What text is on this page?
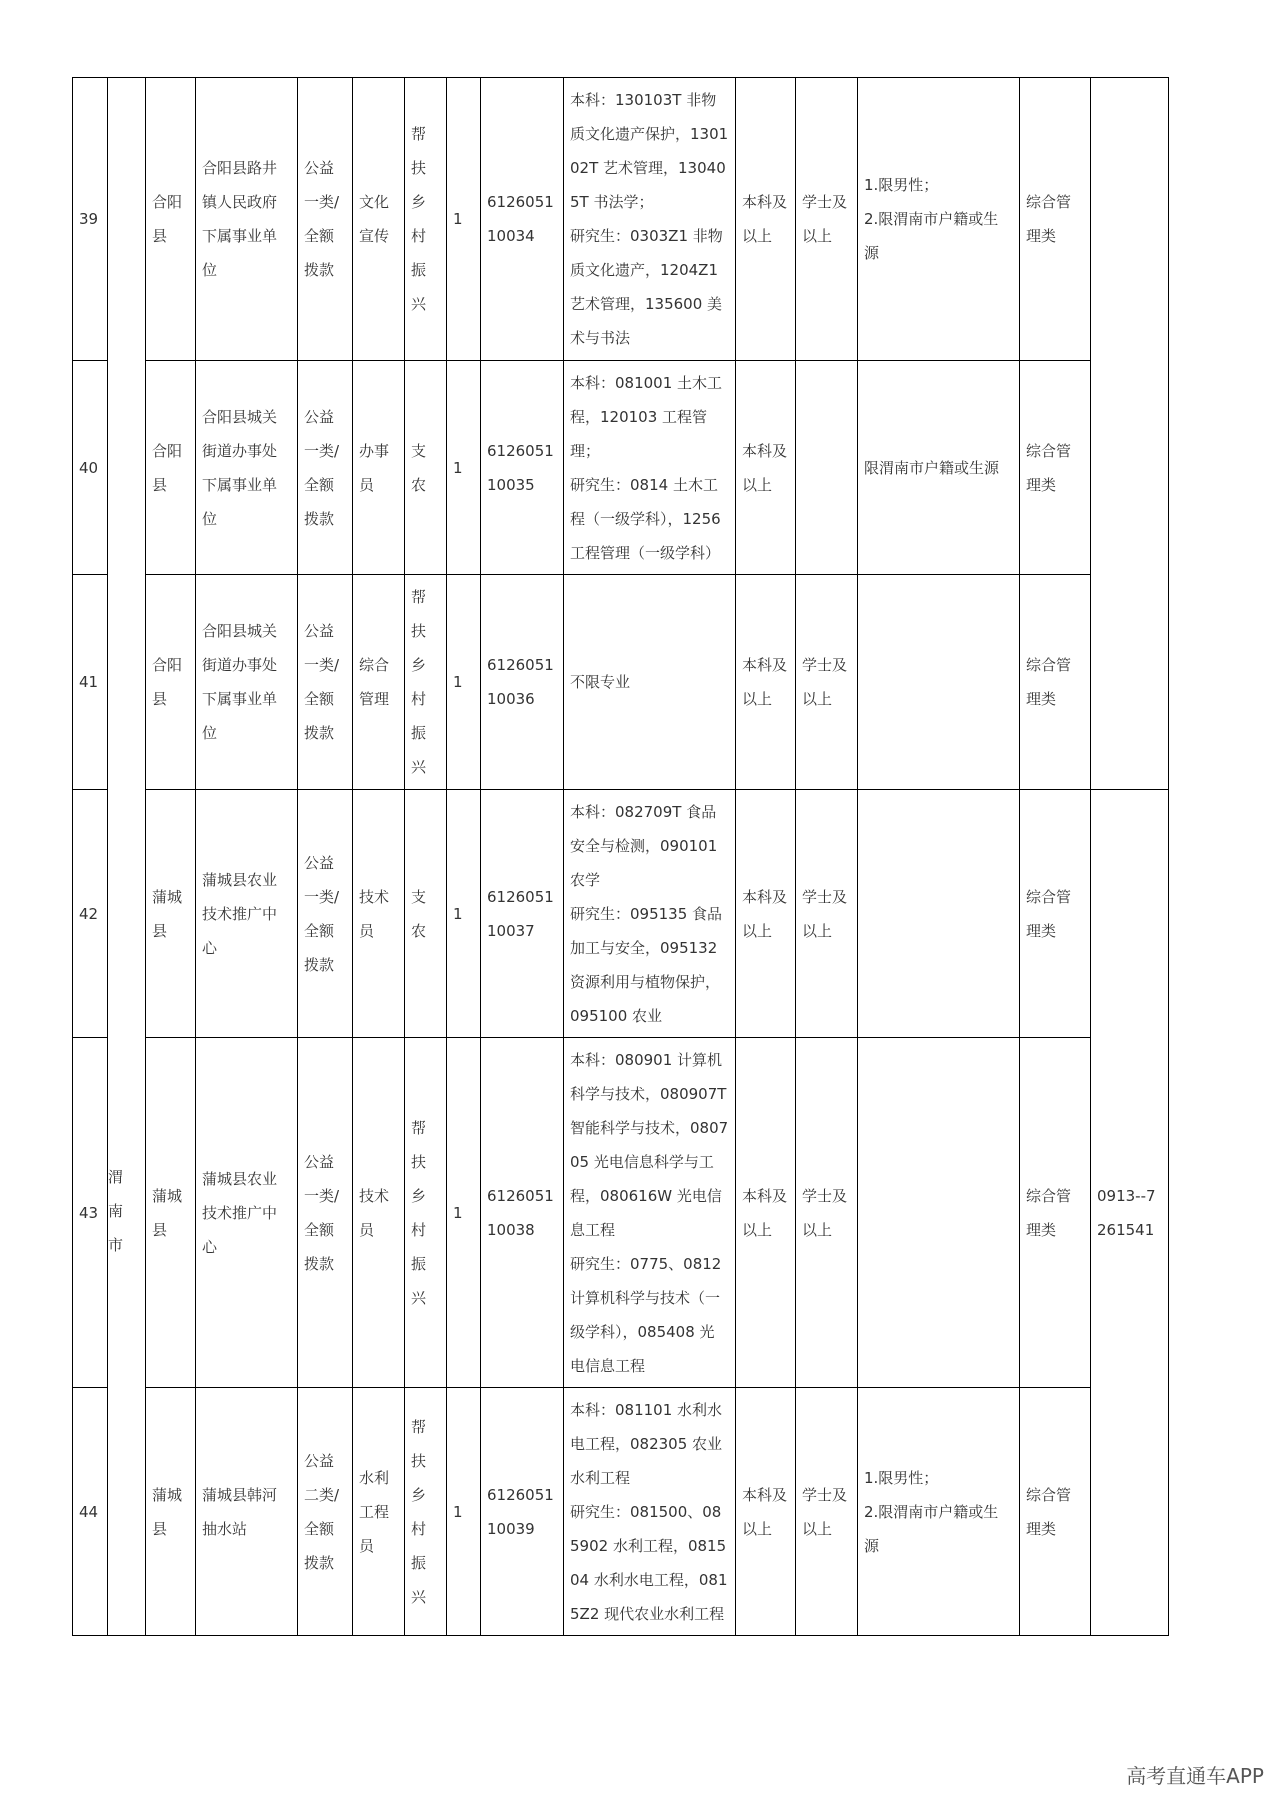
39		合阳县	合阳县路井镇人民政府下属事业单位	公益一类/全额拨款	文化宣传	帮扶乡村振兴	1	612605110034	本科：130103T 非物质文化遗产保护，130102T 艺术管理，130405T 书法学；
研究生：0303Z1 非物质文化遗产，1204Z1 艺术管理，135600 美术与书法	本科及以上	学士及以上	1.限男性；
2.限渭南市户籍或生源	综合管理类	
40		合阳县	合阳县城关街道办事处下属事业单位	公益一类/全额拨款	办事员	支农	1	612605110035	本科：081001 土木工程，120103 工程管理；
研究生：0814 土木工程（一级学科），1256 工程管理（一级学科）	本科及以上		限渭南市户籍或生源	综合管理类	
41		合阳县	合阳县城关街道办事处下属事业单位	公益一类/全额拨款	综合管理	帮扶乡村振兴	1	612605110036	不限专业	本科及以上	学士及以上		综合管理类	
42		蒲城县	蒲城县农业技术推广中心	公益一类/全额拨款	技术员	支农	1	612605110037	本科：082709T 食品安全与检测，090101 农学
研究生：095135 食品加工与安全，095132 资源利用与植物保护，095100 农业	本科及以上	学士及以上		综合管理类	0913--7261541
43		蒲城县	蒲城县农业技术推广中心	公益一类/全额拨款	技术员	帮扶乡村振兴	1	612605110038	本科：080901 计算机科学与技术，080907T 智能科学与技术，080705 光电信息科学与工程，080616W 光电信息工程
研究生：0775、0812 计算机科学与技术（一级学科），085408 光电信息工程	本科及以上	学士及以上		综合管理类	
44		蒲城县	蒲城县韩河抽水站	公益二类/全额拨款	水利工程员	帮扶乡村振兴	1	612605110039	本科：081101 水利水电工程，082305 农业水利工程
研究生：081500、085902 水利工程，081504 水利水电工程，0815Z2 现代农业水利工程	本科及以上	学士及以上	1.限男性；
2.限渭南市户籍或生源	综合管理类	
渭南市
高考直通车APP
